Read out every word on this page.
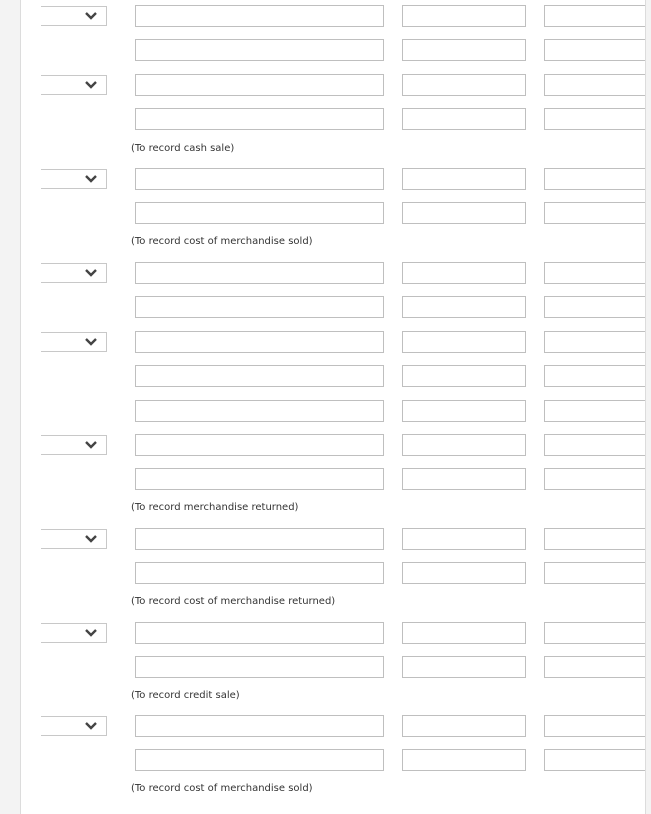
(To record cash sale)
(To record cost of merchandise sold)
(To record merchandise returned)
(To record cost of merchandise returned)
(To record credit sale)
(To record cost of merchandise sold)
